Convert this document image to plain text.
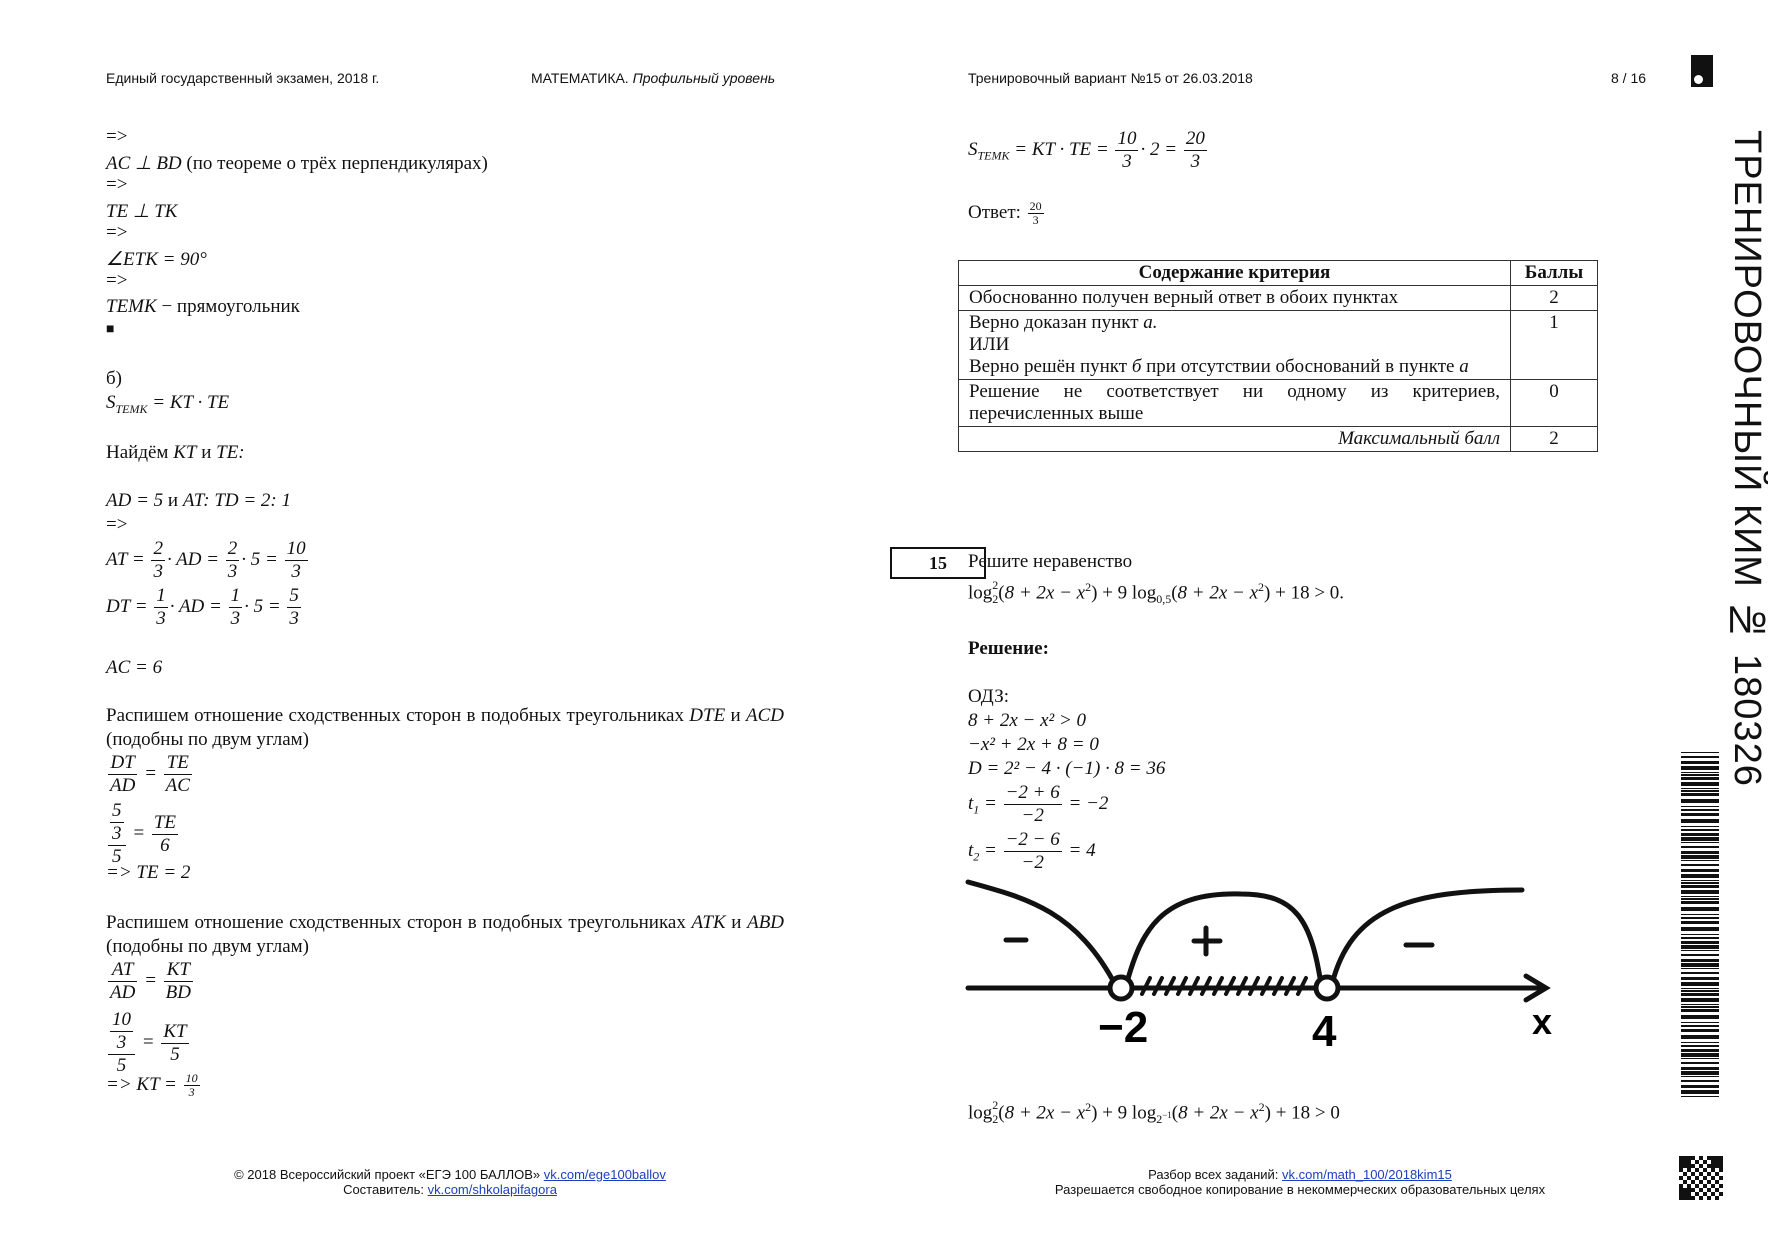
Единый государственный экзамен, 2018 г.	МАТЕМАТИКА. Профильный уровень	Тренировочный вариант №15 от 26.03.2018	8 / 16
ТРЕНИРОВОЧНЫЙ КИМ № 180326
=>
AC ⊥ BD (по теореме о трёх перпендикулярах)
=>
TE ⊥ TK
=>
∠ETK = 90°
=>
TEMK − прямоугольник
■
б)
$S_{TEMK}$ = KT · TE
Найдём KT и TE:
AD = 5 и AT: TD = 2: 1
=>
AT = $\frac{2}{3}$ · AD = $\frac{2}{3} \cdot 5 = \frac{10}{3}$
DT = $\frac{1}{3}$ · AD = $\frac{1}{3} \cdot 5 = \frac{5}{3}$
AC = 6
Распишем отношение сходственных сторон в подобных треугольниках DTE и ACD (подобны по двум углам)
$\frac{DT}{AD} = \frac{TE}{AC}$
$\frac{\frac{5}{3}}{5} = \frac{TE}{6}$
=> TE = 2
Распишем отношение сходственных сторон в подобных треугольниках ATK и ABD (подобны по двум углам)
$\frac{AT}{AD} = \frac{KT}{BD}$
$\frac{\frac{10}{3}}{5} = \frac{KT}{5}$
=> KT = $\frac{10}{3}$
$S_{TEMK}$ = KT · TE = $\frac{10}{3} \cdot 2 = \frac{20}{3}$
Ответ: $\frac{20}{3}$
Содержание критерия	Баллы
Обоснованно получен верный ответ в обоих пунктах	2
Верно доказан пункт а.
ИЛИ
Верно решён пункт б при отсутствии обоснований в пункте а	1
Решение не соответствует ни одному из критериев, перечисленных выше	0
Максимальный балл	2
15	Решите неравенство
$\log _{2 2}(8 + 2x - x^2) + 9$ $\log_{0,5}(8 + 2x - x^2) + 18 > 0$.
Решение:
ОДЗ:
8 + 2x − x² > 0
−x² + 2x + 8 = 0
D = 2² − 4 · (−1) · 8 = 36
$t_1 = \frac{-2 + 6}{-2} = -2$
$t_2 = \frac{-2 - 6}{-2} = 4$
−2	4	x
$\log _{2 2}(8 + 2x - x^2) + 9$ $\log_{2^{-1}}(8 + 2x - x^2) + 18 > 0$
© 2018 Всероссийский проект «ЕГЭ 100 БАЛЛОВ» vk.com/ege100ballov
Составитель: vk.com/shkolapifagora
Разбор всех заданий: vk.com/math_100/2018kim15
Разрешается свободное копирование в некоммерческих образовательных целях
